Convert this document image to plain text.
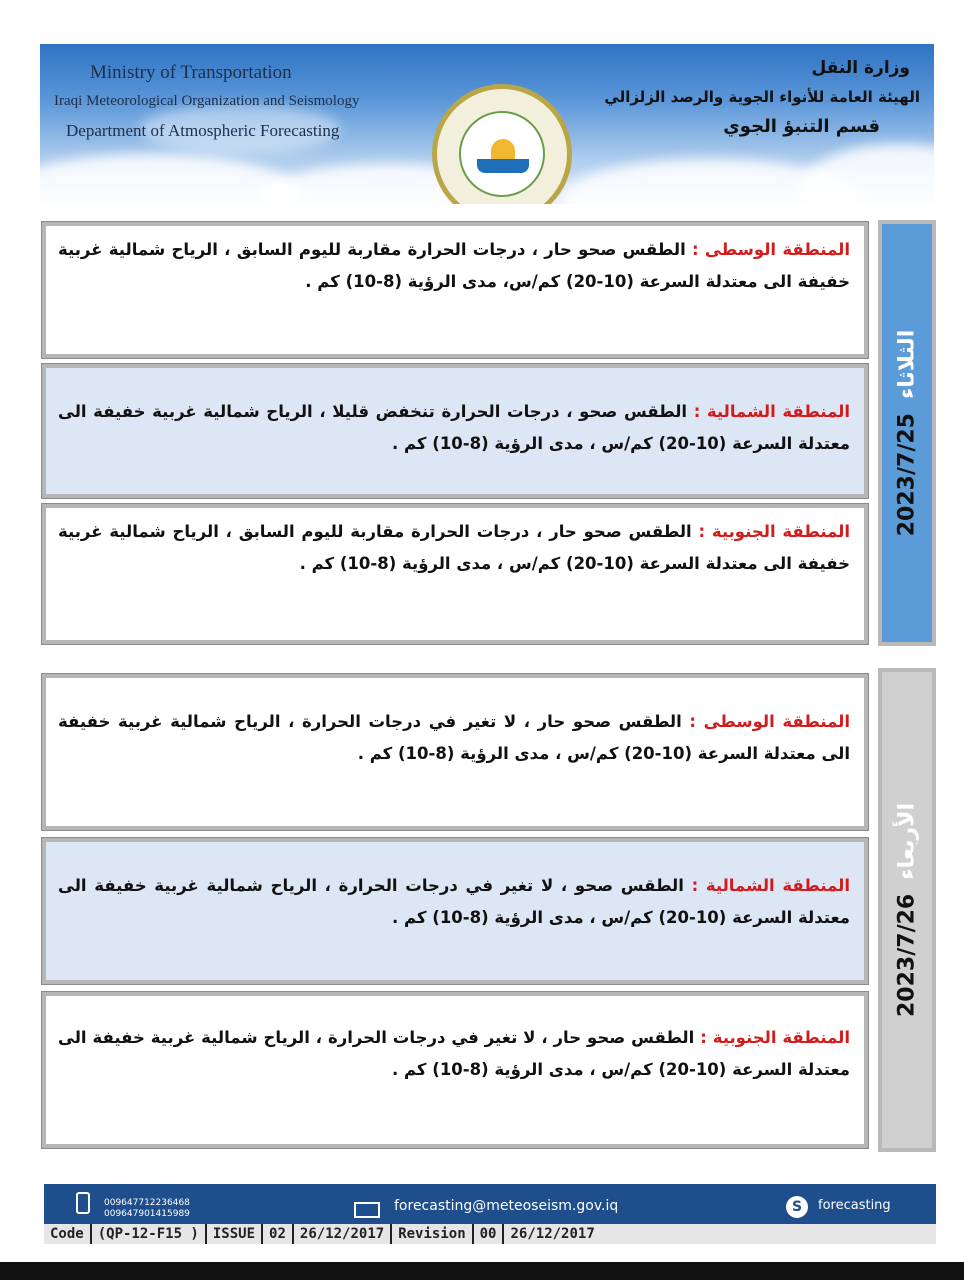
Ministry of Transportation
Iraqi Meteorological Organization and Seismology
Department of Atmospheric Forecasting
وزارة النقل
الهيئة العامة للأنواء الجوية والرصد الزلزالي
قسم التنبؤ الجوي
المنطقة الوسطى : الطقس صحو حار ، درجات الحرارة مقاربة لليوم السابق ، الرياح شمالية غربية خفيفة الى معتدلة السرعة (10-20) كم/س، مدى الرؤية (8-10) كم .
المنطقة الشمالية : الطقس صحو ، درجات الحرارة تنخفض قليلا ، الرياح شمالية غربية خفيفة الى معتدلة السرعة (10-20) كم/س ، مدى الرؤية (8-10) كم .
المنطقة الجنوبية : الطقس صحو حار ، درجات الحرارة مقاربة لليوم السابق ، الرياح شمالية غربية خفيفة الى معتدلة السرعة (10-20) كم/س ، مدى الرؤية (8-10) كم .
الثلاثاء2023/7/25
المنطقة الوسطى : الطقس صحو حار ، لا تغير في درجات الحرارة ، الرياح شمالية غربية خفيفة الى معتدلة السرعة (10-20) كم/س ، مدى الرؤية (8-10) كم .
المنطقة الشمالية : الطقس صحو ، لا تغير في درجات الحرارة ، الرياح شمالية غربية خفيفة الى معتدلة السرعة (10-20) كم/س ، مدى الرؤية (8-10) كم .
المنطقة الجنوبية : الطقس صحو حار ، لا تغير في درجات الحرارة ، الرياح شمالية غربية خفيفة الى معتدلة السرعة (10-20) كم/س ، مدى الرؤية (8-10) كم .
الأربعاء2023/7/26
009647712236468
009647901415989	forecasting@meteoseism.gov.iq	S	forecasting
Code	(QP-12-F15 )	ISSUE	02	26/12/2017	Revision	00	26/12/2017
